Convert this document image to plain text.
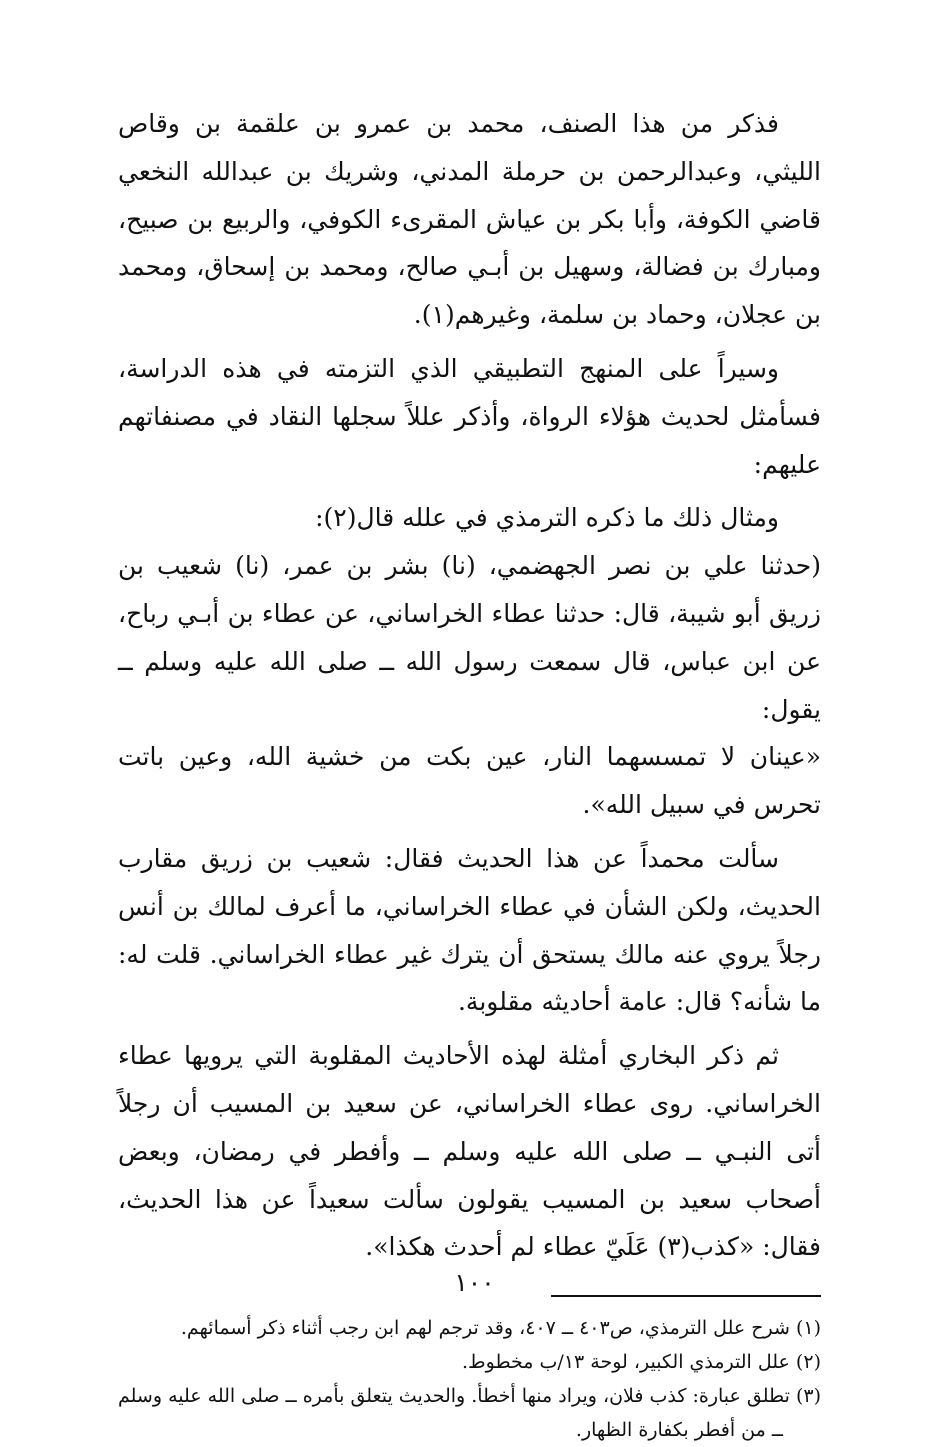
فذكر من هذا الصنف، محمد بن عمرو بن علقمة بن وقاص الليثي، وعبدالرحمن بن حرملة المدني، وشريك بن عبدالله النخعي قاضي الكوفة، وأبا بكر بن عياش المقرىء الكوفي، والربيع بن صبيح، ومبارك بن فضالة، وسهيل بن أبـي صالح، ومحمد بن إسحاق، ومحمد بن عجلان، وحماد بن سلمة، وغيرهم(١).

وسيراً على المنهج التطبيقي الذي التزمته في هذه الدراسة، فسأمثل لحديث هؤلاء الرواة، وأذكر عللاً سجلها النقاد في مصنفاتهم عليهم:

ومثال ذلك ما ذكره الترمذي في علله قال(٢):

(حدثنا علي بن نصر الجهضمي، (نا) بشر بن عمر، (نا) شعيب بن زريق أبو شيبة، قال: حدثنا عطاء الخراساني، عن عطاء بن أبـي رباح، عن ابن عباس، قال سمعت رسول الله ــ صلى الله عليه وسلم ــ يقول:

«عينان لا تمسسهما النار، عين بكت من خشية الله، وعين باتت تحرس في سبيل الله».

سألت محمداً عن هذا الحديث فقال: شعيب بن زريق مقارب الحديث، ولكن الشأن في عطاء الخراساني، ما أعرف لمالك بن أنس رجلاً يروي عنه مالك يستحق أن يترك غير عطاء الخراساني. قلت له: ما شأنه؟ قال: عامة أحاديثه مقلوبة.

ثم ذكر البخاري أمثلة لهذه الأحاديث المقلوبة التي يرويها عطاء الخراساني. روى عطاء الخراساني، عن سعيد بن المسيب أن رجلاً أتى النبـي ــ صلى الله عليه وسلم ــ وأفطر في رمضان، وبعض أصحاب سعيد بن المسيب يقولون سألت سعيداً عن هذا الحديث، فقال: «كذب(٣) عَلَيّ عطاء لم أحدث هكذا».

(١) شرح علل الترمذي، ص٤٠٣ ــ ٤٠٧، وقد ترجم لهم ابن رجب أثناء ذكر أسمائهم.

(٢) علل الترمذي الكبير، لوحة ١٣/ب مخطوط.

(٣) تطلق عبارة: كذب فلان، ويراد منها أخطأ. والحديث يتعلق بأمره ــ صلى الله عليه وسلم ــ من أفطر بكفارة الظهار.

١٠٠
